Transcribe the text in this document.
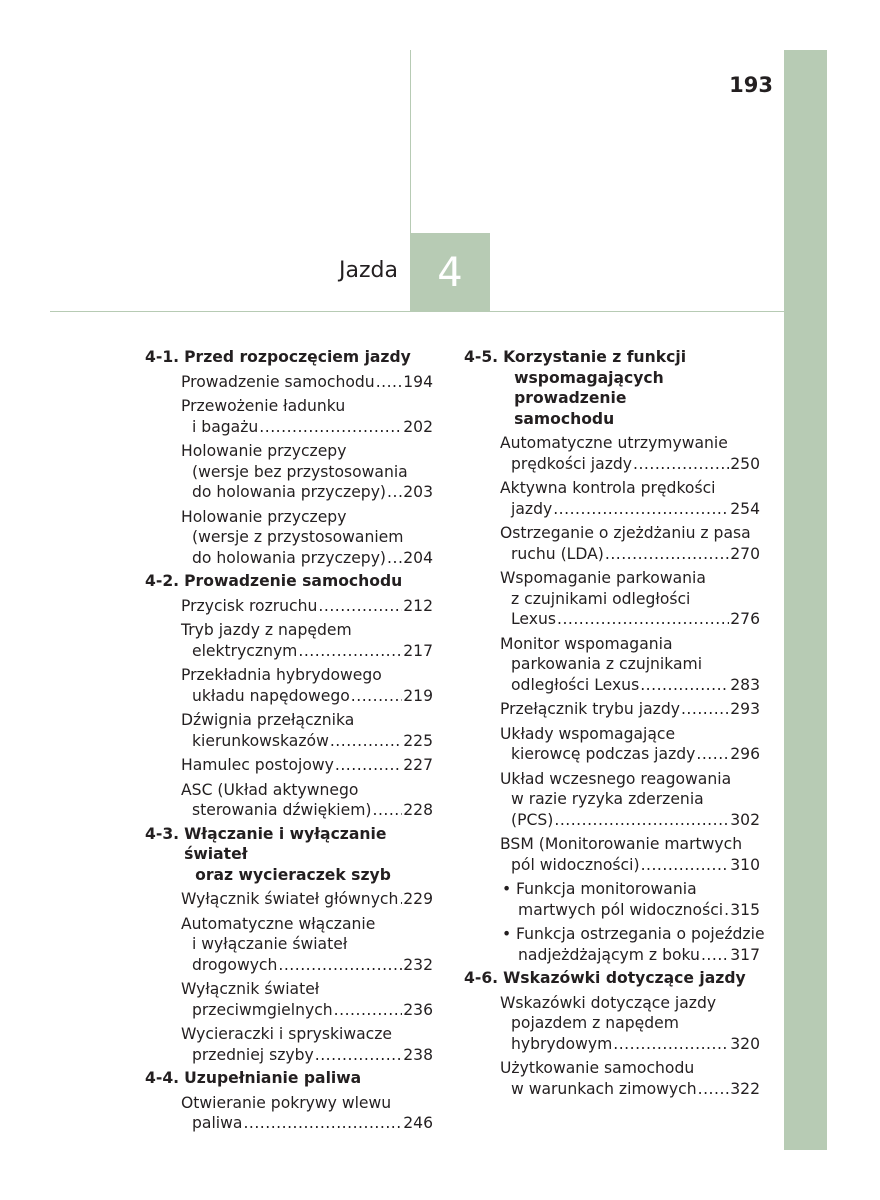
193
Jazda 4
4-1. Przed rozpoczęciem jazdy
Prowadzenie samochodu ..... 194
Przewożenie ładunku
i bagażu .....	202
Holowanie przyczepy
(wersje bez przystosowania
do holowania przyczepy) ..... 203
Holowanie przyczepy
(wersje z przystosowaniem
do holowania przyczepy) ..... 204
4-2. Prowadzenie samochodu
Przycisk rozruchu .....	212
Tryb jazdy z napędem
elektrycznym .....	217
Przekładnia hybrydowego
układu napędowego .....	219
Dźwignia przełącznika
kierunkowskazów .....	225
Hamulec postojowy .....	227
ASC (Układ aktywnego
sterowania dźwiękiem) ..... 228
4-3. Włączanie i wyłączanie świateł
oraz wycieraczek szyb
Wyłącznik świateł głównych ..... 229
Automatyczne włączanie
i wyłączanie świateł
drogowych .....	232
Wyłącznik świateł
przeciwmgielnych .....	236
Wycieraczki i spryskiwacze
przedniej szyby .....	238
4-4. Uzupełnianie paliwa
Otwieranie pokrywy wlewu
paliwa .....	246
4-5. Korzystanie z funkcji
wspomagających prowadzenie
samochodu
Automatyczne utrzymywanie
prędkości jazdy .....	250
Aktywna kontrola prędkości
jazdy .....	254
Ostrzeganie o zjeżdżaniu z pasa
ruchu (LDA) .....	270
Wspomaganie parkowania
z czujnikami odległości
Lexus .....	276
Monitor wspomagania
parkowania z czujnikami
odległości Lexus .....	283
Przełącznik trybu jazdy .....	293
Układy wspomagające
kierowcę podczas jazdy ..... 296
Układ wczesnego reagowania
w razie ryzyka zderzenia
(PCS) .....	302
BSM (Monitorowanie martwych
pól widoczności) .....	310
• Funkcja monitorowania
martwych pól widoczności ..... 315
• Funkcja ostrzegania o pojeździe
nadjeżdżającym z boku ..... 317
4-6. Wskazówki dotyczące jazdy
Wskazówki dotyczące jazdy
pojazdem z napędem
hybrydowym .....	320
Użytkowanie samochodu
w warunkach zimowych ..... 322
